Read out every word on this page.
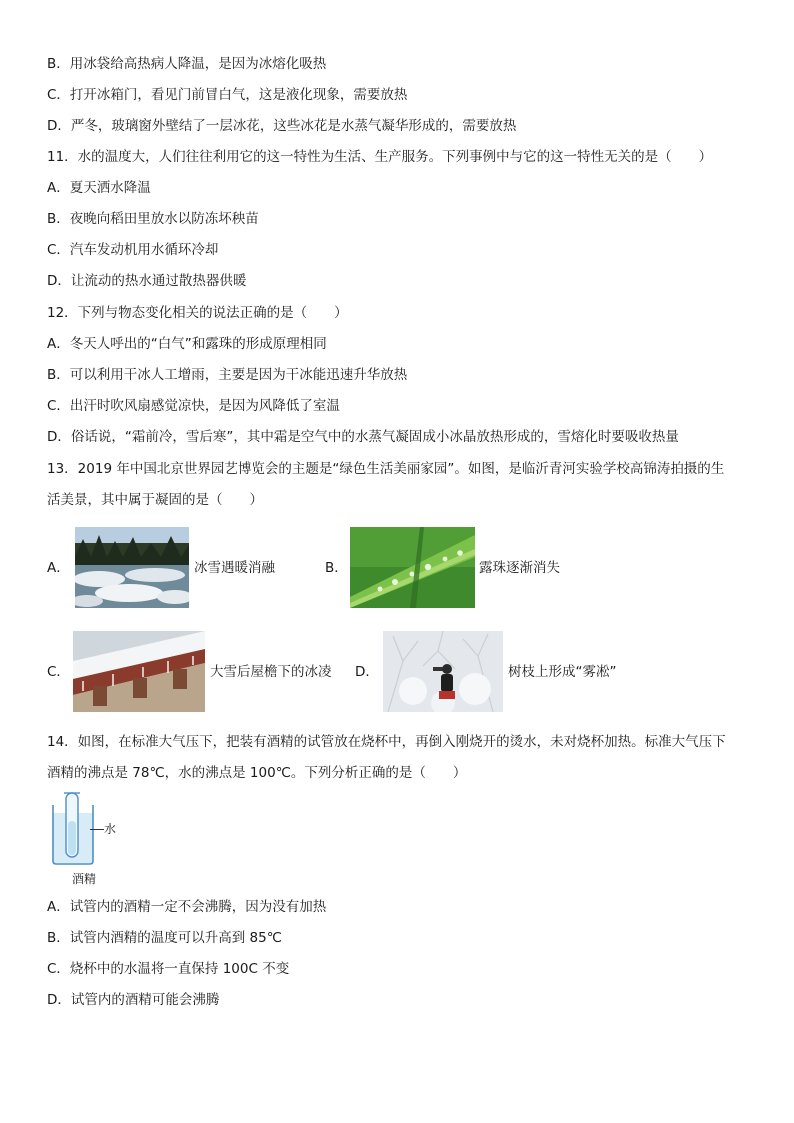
B．用冰袋给高热病人降温，是因为冰熔化吸热
C．打开冰箱门，看见门前冒白气，这是液化现象，需要放热
D．严冬，玻璃窗外壁结了一层冰花，这些冰花是水蒸气凝华形成的，需要放热
11．水的温度大，人们往往利用它的这一特性为生活、生产服务。下列事例中与它的这一特性无关的是（　　）
A．夏天洒水降温
B．夜晚向稻田里放水以防冻坏秧苗
C．汽车发动机用水循环冷却
D．让流动的热水通过散热器供暖
12．下列与物态变化相关的说法正确的是（　　）
A．冬天人呼出的“白气”和露珠的形成原理相同
B．可以利用干冰人工增雨，主要是因为干冰能迅速升华放热
C．出汗时吹风扇感觉凉快，是因为风降低了室温
D．俗话说，“霜前冷，雪后寒”，其中霜是空气中的水蒸气凝固成小冰晶放热形成的，雪熔化时要吸收热量
13．2019 年中国北京世界园艺博览会的主题是“绿色生活美丽家园”。如图，是临沂青河实验学校高锦涛拍摄的生
活美景，其中属于凝固的是（　　）
A．	冰雪遇暖消融	B．	露珠逐渐消失
C．	大雪后屋檐下的冰凌 D．	树枝上形成“雾凇”
14．如图，在标准大气压下，把装有酒精的试管放在烧杯中，再倒入刚烧开的烫水，未对烧杯加热。标准大气压下
酒精的沸点是 78℃，水的沸点是 100℃。下列分析正确的是（　　）
水
酒精
A．试管内的酒精一定不会沸腾，因为没有加热
B．试管内酒精的温度可以升高到 85℃
C．烧杯中的水温将一直保持 100C 不变
D．试管内的酒精可能会沸腾
